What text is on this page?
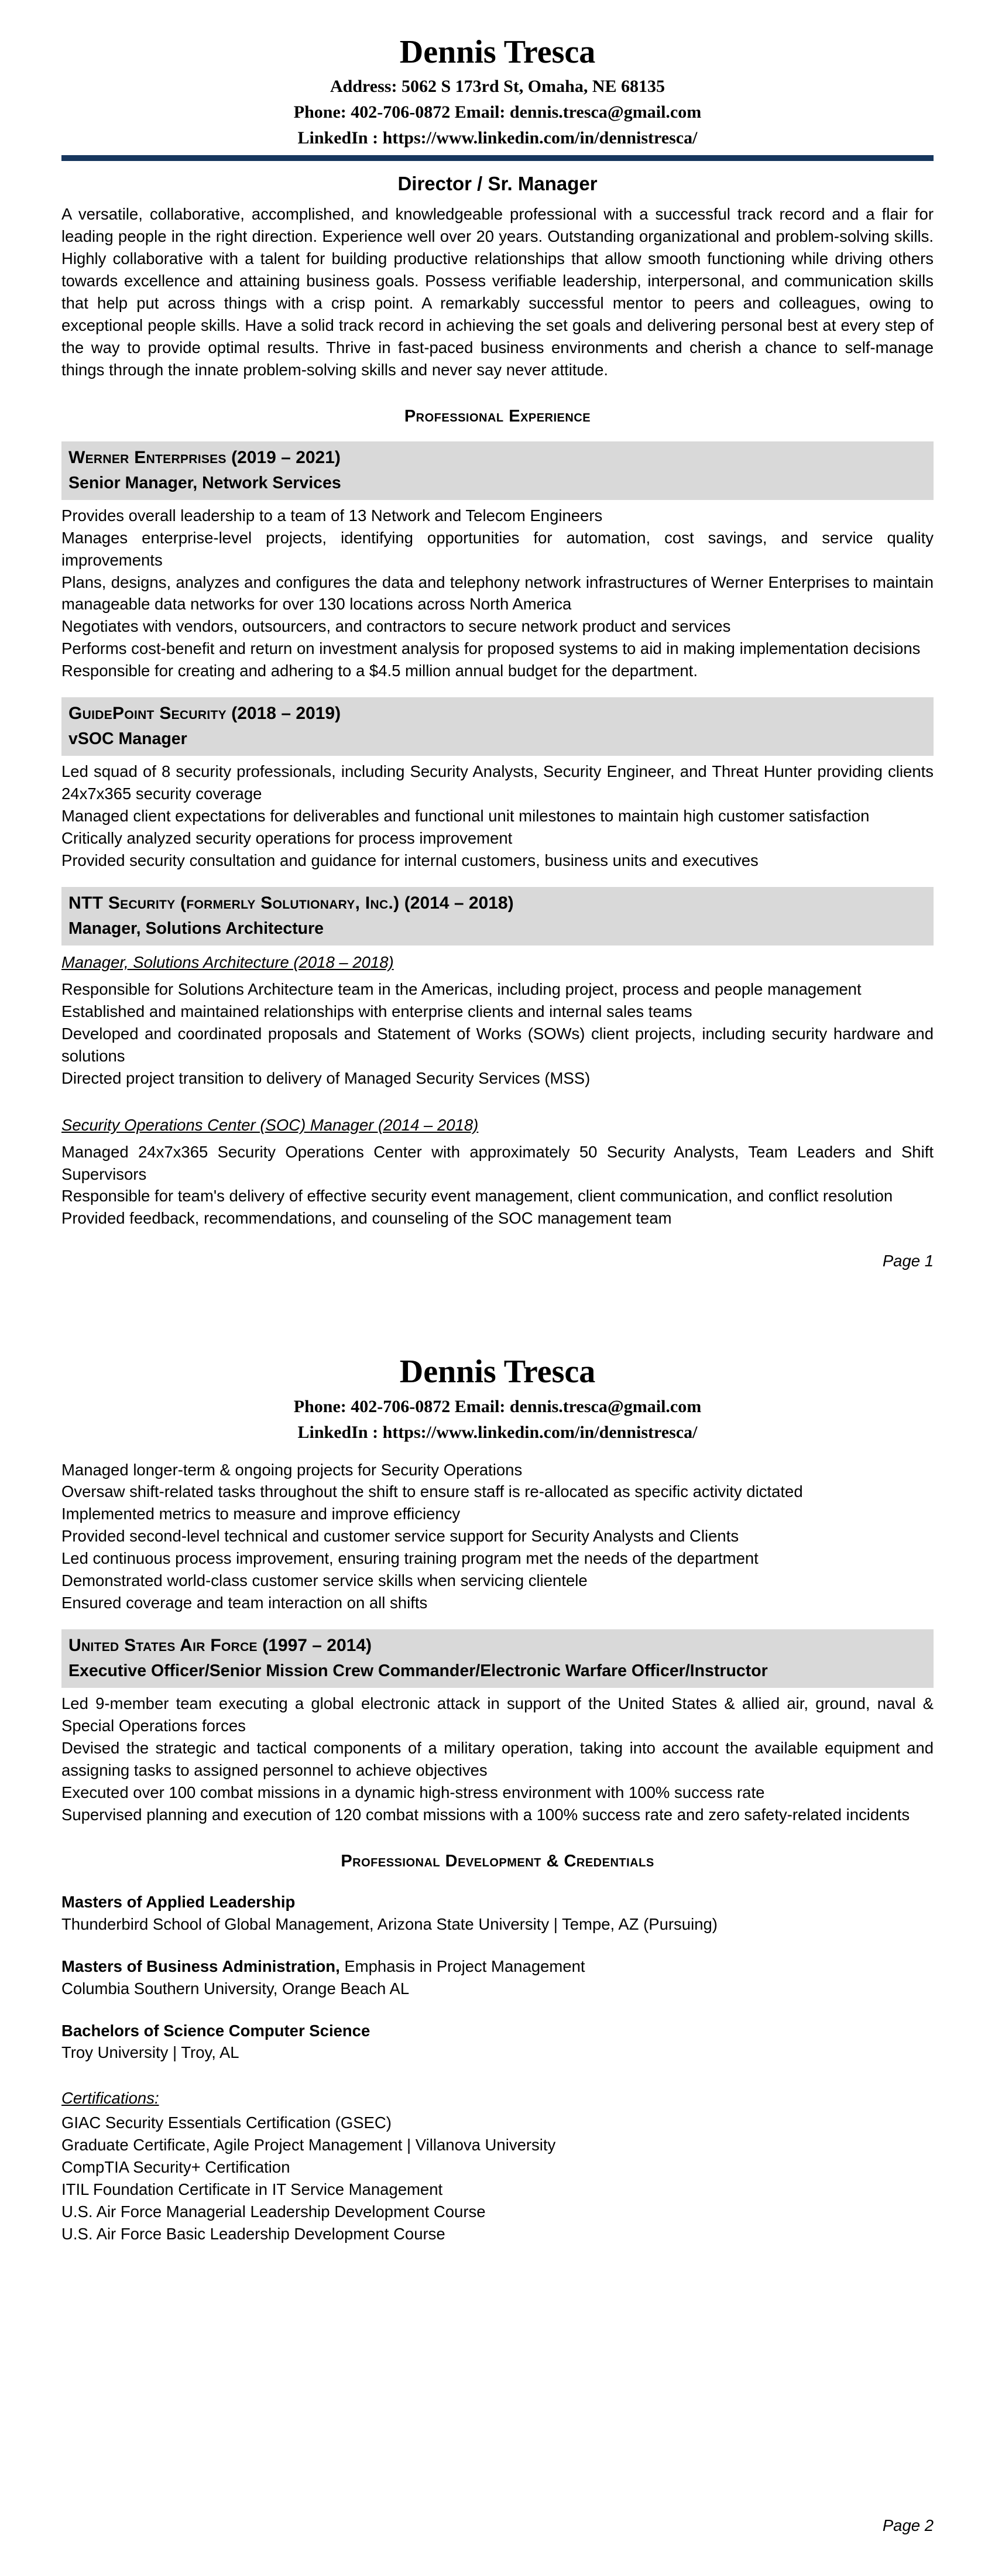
Dennis Tresca

Address: 5062 S 173rd St, Omaha, NE 68135

Phone: 402-706-0872 Email: dennis.tresca@gmail.com

LinkedIn : https://www.linkedin.com/in/dennistresca/

Director / Sr. Manager

A versatile, collaborative, accomplished, and knowledgeable professional with a successful track record and a flair for leading people in the right direction. Experience well over 20 years. Outstanding organizational and problem-solving skills. Highly collaborative with a talent for building productive relationships that allow smooth functioning while driving others towards excellence and attaining business goals. Possess verifiable leadership, interpersonal, and communication skills that help put across things with a crisp point. A remarkably successful mentor to peers and colleagues, owing to exceptional people skills. Have a solid track record in achieving the set goals and delivering personal best at every step of the way to provide optimal results. Thrive in fast-paced business environments and cherish a chance to self-manage things through the innate problem-solving skills and never say never attitude.

Professional Experience

Werner Enterprises (2019 – 2021)

Senior Manager, Network Services

Provides overall leadership to a team of 13 Network and Telecom Engineers

Manages enterprise-level projects, identifying opportunities for automation, cost savings, and service quality improvements

Plans, designs, analyzes and configures the data and telephony network infrastructures of Werner Enterprises to maintain manageable data networks for over 130 locations across North America

Negotiates with vendors, outsourcers, and contractors to secure network product and services

Performs cost-benefit and return on investment analysis for proposed systems to aid in making implementation decisions

Responsible for creating and adhering to a $4.5 million annual budget for the department.

GuidePoint Security (2018 – 2019)

vSOC Manager

Led squad of 8 security professionals, including Security Analysts, Security Engineer, and Threat Hunter providing clients 24x7x365 security coverage

Managed client expectations for deliverables and functional unit milestones to maintain high customer satisfaction

Critically analyzed security operations for process improvement

Provided security consultation and guidance for internal customers, business units and executives

NTT Security (formerly Solutionary, Inc.) (2014 – 2018)

Manager, Solutions Architecture

Manager, Solutions Architecture (2018 – 2018)

Responsible for Solutions Architecture team in the Americas, including project, process and people management

Established and maintained relationships with enterprise clients and internal sales teams

Developed and coordinated proposals and Statement of Works (SOWs) client projects, including security hardware and solutions

Directed project transition to delivery of Managed Security Services (MSS)

Security Operations Center (SOC) Manager (2014 – 2018)

Managed 24x7x365 Security Operations Center with approximately 50 Security Analysts, Team Leaders and Shift Supervisors

Responsible for team's delivery of effective security event management, client communication, and conflict resolution

Provided feedback, recommendations, and counseling of the SOC management team

Page 1

Dennis Tresca

Phone: 402-706-0872 Email: dennis.tresca@gmail.com

LinkedIn : https://www.linkedin.com/in/dennistresca/

Managed longer-term & ongoing projects for Security Operations

Oversaw shift-related tasks throughout the shift to ensure staff is re-allocated as specific activity dictated

Implemented metrics to measure and improve efficiency

Provided second-level technical and customer service support for Security Analysts and Clients

Led continuous process improvement, ensuring training program met the needs of the department

Demonstrated world-class customer service skills when servicing clientele

Ensured coverage and team interaction on all shifts

United States Air Force (1997 – 2014)

Executive Officer/Senior Mission Crew Commander/Electronic Warfare Officer/Instructor

Led 9-member team executing a global electronic attack in support of the United States & allied air, ground, naval & Special Operations forces

Devised the strategic and tactical components of a military operation, taking into account the available equipment and assigning tasks to assigned personnel to achieve objectives

Executed over 100 combat missions in a dynamic high-stress environment with 100% success rate

Supervised planning and execution of 120 combat missions with a 100% success rate and zero safety-related incidents

Professional Development & Credentials

Masters of Applied Leadership

Thunderbird School of Global Management, Arizona State University | Tempe, AZ (Pursuing)

Masters of Business Administration, Emphasis in Project Management

Columbia Southern University, Orange Beach AL

Bachelors of Science Computer Science

Troy University | Troy, AL

Certifications:

GIAC Security Essentials Certification (GSEC)

Graduate Certificate, Agile Project Management | Villanova University

CompTIA Security+ Certification

ITIL Foundation Certificate in IT Service Management

U.S. Air Force Managerial Leadership Development Course

U.S. Air Force Basic Leadership Development Course

Page 2
